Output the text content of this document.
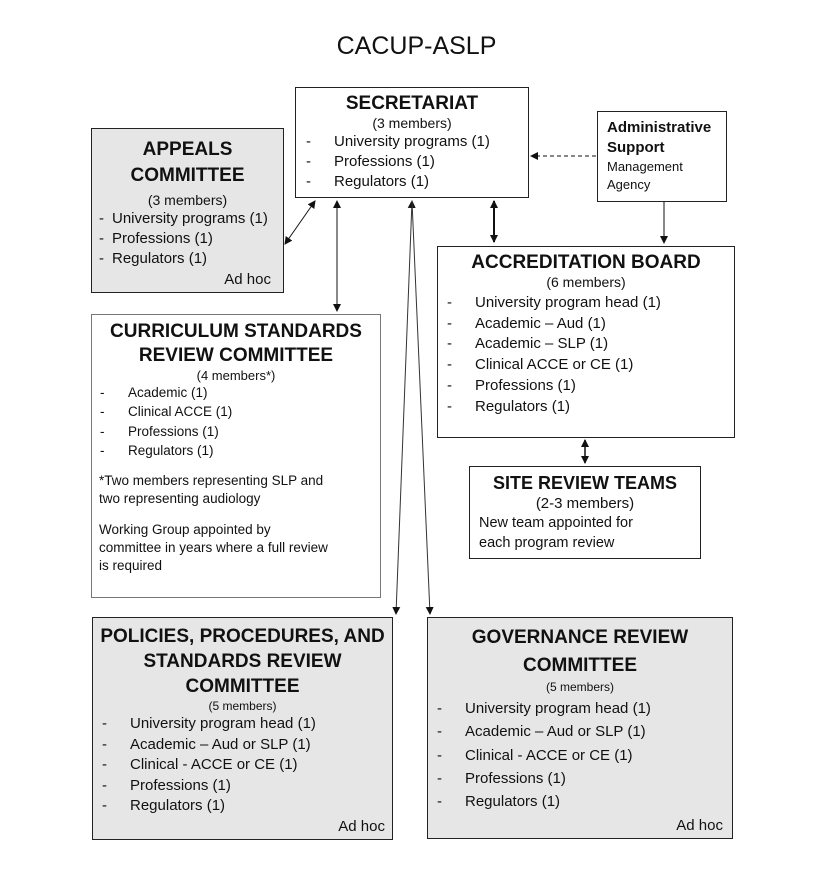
CACUP-ASLP
SECRETARIAT
(3 members)
- University programs (1)
- Professions (1)
- Regulators (1)
APPEALS
COMMITTEE
(3 members)
- University programs (1)
- Professions (1)
- Regulators (1)
Ad hoc
Administrative
Support
Management
Agency
ACCREDITATION BOARD
(6 members)
- University program head (1)
- Academic – Aud (1)
- Academic – SLP (1)
- Clinical ACCE or CE (1)
- Professions (1)
- Regulators (1)
CURRICULUM STANDARDS
REVIEW COMMITTEE
(4 members*)
- Academic (1)
- Clinical ACCE (1)
- Professions (1)
- Regulators (1)
*Two members representing SLP and
two representing audiology
Working Group appointed by
committee in years where a full review
is required
SITE REVIEW TEAMS
(2-3 members)
New team appointed for
each program review
POLICIES, PROCEDURES, AND
STANDARDS REVIEW
COMMITTEE
(5 members)
- University program head (1)
- Academic – Aud or SLP (1)
- Clinical - ACCE or CE (1)
- Professions (1)
- Regulators (1)
Ad hoc
GOVERNANCE REVIEW
COMMITTEE
(5 members)
- University program head (1)
- Academic – Aud or SLP (1)
- Clinical - ACCE or CE (1)
- Professions (1)
- Regulators (1)
Ad hoc
